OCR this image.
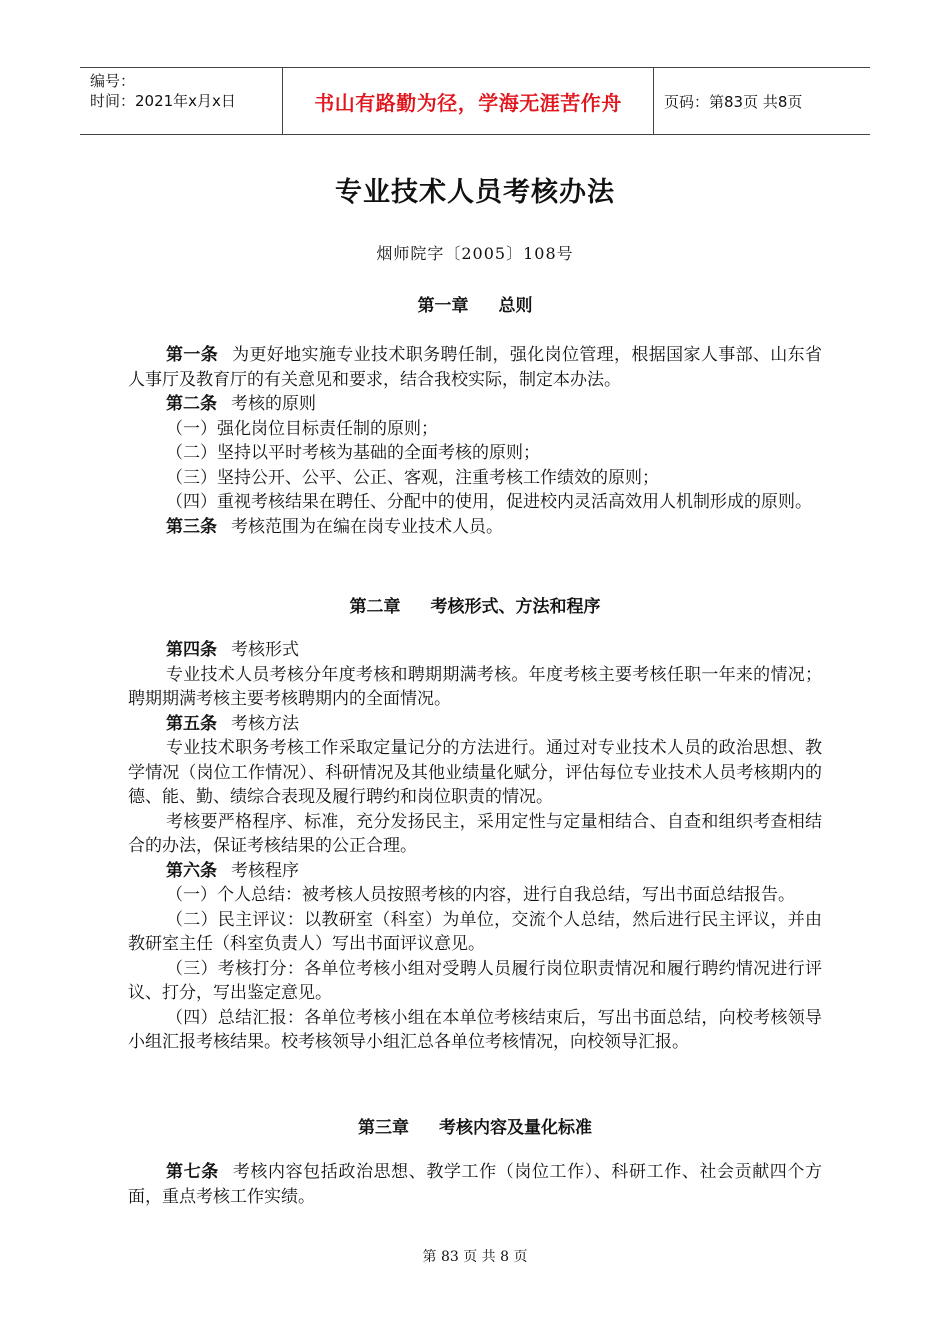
编号：
时间：2021年x月x日	书山有路勤为径，学海无涯苦作舟	页码：第83页 共8页
专业技术人员考核办法
烟师院字〔2005〕108号
第一章 总则

第一条 为更好地实施专业技术职务聘任制，强化岗位管理，根据国家人事部、山东省人事厅及教育厅的有关意见和要求，结合我校实际，制定本办法。

第二条 考核的原则

（一）强化岗位目标责任制的原则；

（二）坚持以平时考核为基础的全面考核的原则；

（三）坚持公开、公平、公正、客观，注重考核工作绩效的原则；

（四）重视考核结果在聘任、分配中的使用，促进校内灵活高效用人机制形成的原则。

第三条 考核范围为在编在岗专业技术人员。

第二章 考核形式、方法和程序

第四条 考核形式

专业技术人员考核分年度考核和聘期期满考核。年度考核主要考核任职一年来的情况；聘期期满考核主要考核聘期内的全面情况。

第五条 考核方法

专业技术职务考核工作采取定量记分的方法进行。通过对专业技术人员的政治思想、教学情况（岗位工作情况）、科研情况及其他业绩量化赋分，评估每位专业技术人员考核期内的德、能、勤、绩综合表现及履行聘约和岗位职责的情况。

考核要严格程序、标准，充分发扬民主，采用定性与定量相结合、自查和组织考查相结合的办法，保证考核结果的公正合理。

第六条 考核程序

（一）个人总结：被考核人员按照考核的内容，进行自我总结，写出书面总结报告。

（二）民主评议：以教研室（科室）为单位，交流个人总结，然后进行民主评议，并由教研室主任（科室负责人）写出书面评议意见。

（三）考核打分：各单位考核小组对受聘人员履行岗位职责情况和履行聘约情况进行评议、打分，写出鉴定意见。

（四）总结汇报：各单位考核小组在本单位考核结束后，写出书面总结，向校考核领导小组汇报考核结果。校考核领导小组汇总各单位考核情况，向校领导汇报。

第三章 考核内容及量化标准

第七条 考核内容包括政治思想、教学工作（岗位工作）、科研工作、社会贡献四个方面，重点考核工作实绩。

第 83 页 共 8 页
